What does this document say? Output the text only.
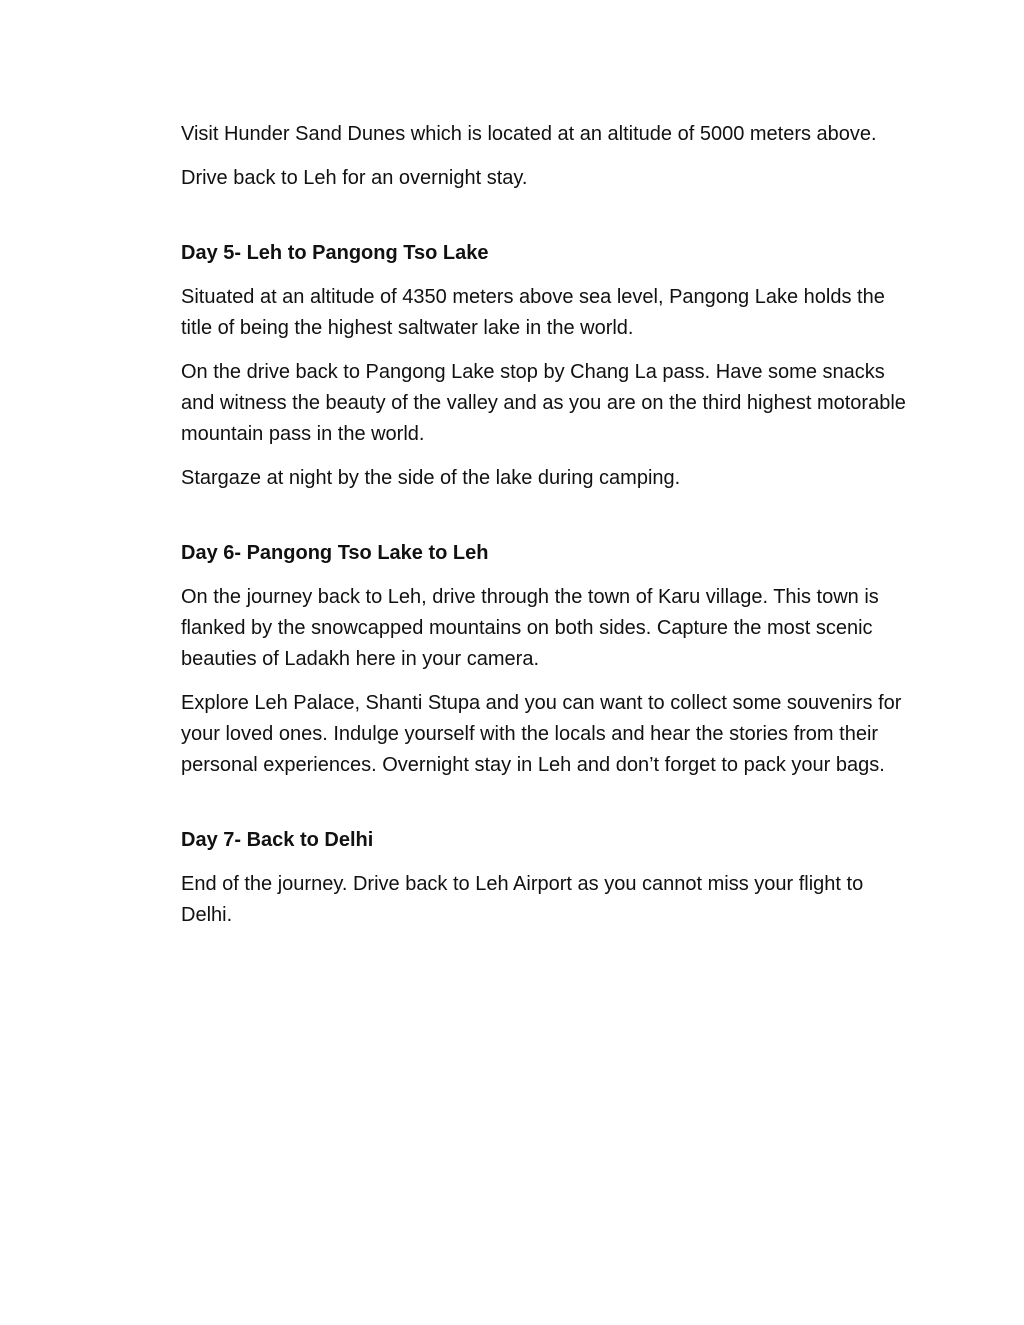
Visit Hunder Sand Dunes which is located at an altitude of 5000 meters above.

Drive back to Leh for an overnight stay.

Day 5- Leh to Pangong Tso Lake

Situated at an altitude of 4350 meters above sea level, Pangong Lake holds the title of being the highest saltwater lake in the world.

On the drive back to Pangong Lake stop by Chang La pass. Have some snacks and witness the beauty of the valley and as you are on the third highest motorable mountain pass in the world.

Stargaze at night by the side of the lake during camping.

Day 6- Pangong Tso Lake to Leh

On the journey back to Leh, drive through the town of Karu village. This town is flanked by the snowcapped mountains on both sides. Capture the most scenic beauties of Ladakh here in your camera.

Explore Leh Palace, Shanti Stupa and you can want to collect some souvenirs for your loved ones. Indulge yourself with the locals and hear the stories from their personal experiences. Overnight stay in Leh and don’t forget to pack your bags.

Day 7- Back to Delhi

End of the journey. Drive back to Leh Airport as you cannot miss your flight to Delhi.
